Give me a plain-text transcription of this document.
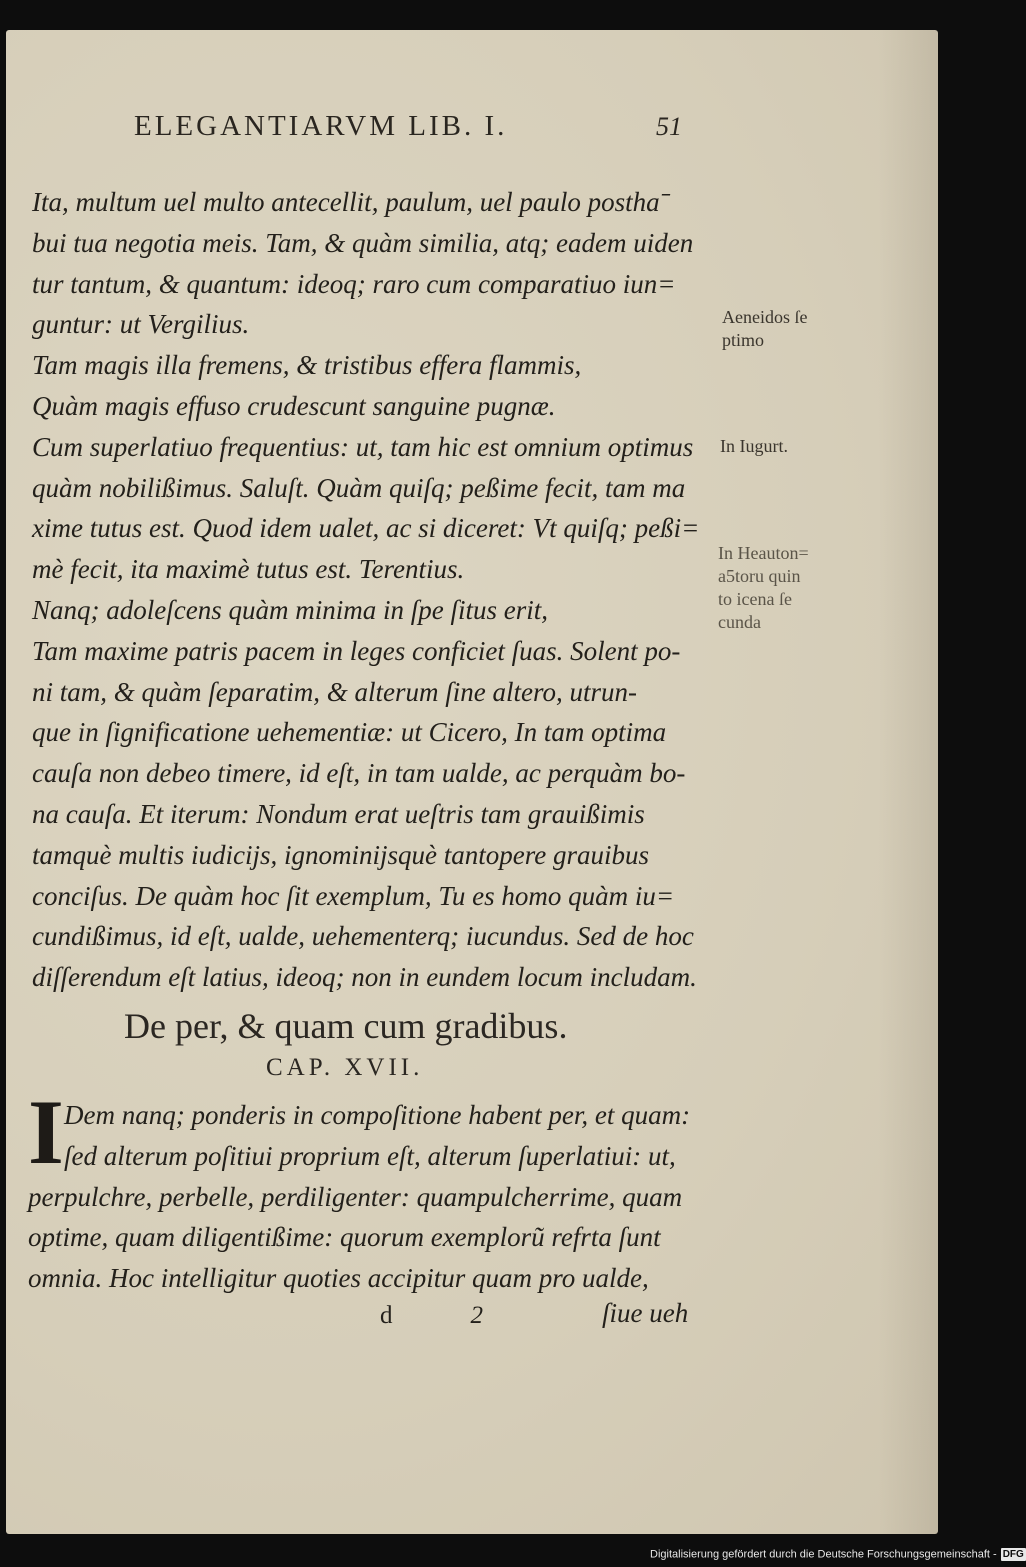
ELEGANTIARVM LIB. I.	51
Ita, multum uel multo antecellit, paulum, uel paulo posthaˉ
bui tua negotia meis. Tam, & quàm similia, atq; eadem uiden
tur tantum, & quantum: ideoq; raro cum comparatiuo iun=
guntur: ut Vergilius.
Tam magis illa fremens, & tristibus effera flammis,
Quàm magis effuso crudescunt sanguine pugnæ.
Cum superlatiuo frequentius: ut, tam hic est omnium optimus
quàm nobilißimus. Saluſt. Quàm quiſq; peßime fecit, tam ma
xime tutus est. Quod idem ualet, ac si diceret: Vt quiſq; peßi=
mè fecit, ita maximè tutus est. Terentius.
Nanq; adoleſcens quàm minima in ſpe ſitus erit,
Tam maxime patris pacem in leges conficiet ſuas. Solent po-
ni tam, & quàm ſeparatim, & alterum ſine altero, utrun-
que in ſignificatione uehementiæ: ut Cicero, In tam optima
cauſa non debeo timere, id eſt, in tam ualde, ac perquàm bo-
na cauſa. Et iterum: Nondum erat ueſtris tam grauißimis
tamquè multis iudicijs, ignominijsquè tantopere grauibus
conciſus. De quàm hoc ſit exemplum, Tu es homo quàm iu=
cundißimus, id eſt, ualde, uehementerq; iucundus. Sed de hoc
diſſerendum eſt latius, ideoq; non in eundem locum includam.
De per, & quam cum gradibus.
CAP. XVII.
I Dem nanq; ponderis in compoſitione habent per, et quam:
ſed alterum poſitiui proprium eſt, alterum ſuperlatiui: ut,
perpulchre, perbelle, perdiligenter: quampulcherrime, quam
optime, quam diligentißime: quorum exemplorũ refrta ſunt
omnia. Hoc intelligitur quoties accipitur quam pro ualde,
d	2	ſiue ueh
Aeneidos ſe
ptimo
In Iugurt.
In Heauton=
a5toru quin
to icena ſe
cunda
Digitalisierung gefördert durch die Deutsche Forschungsgemeinschaft - DFG
